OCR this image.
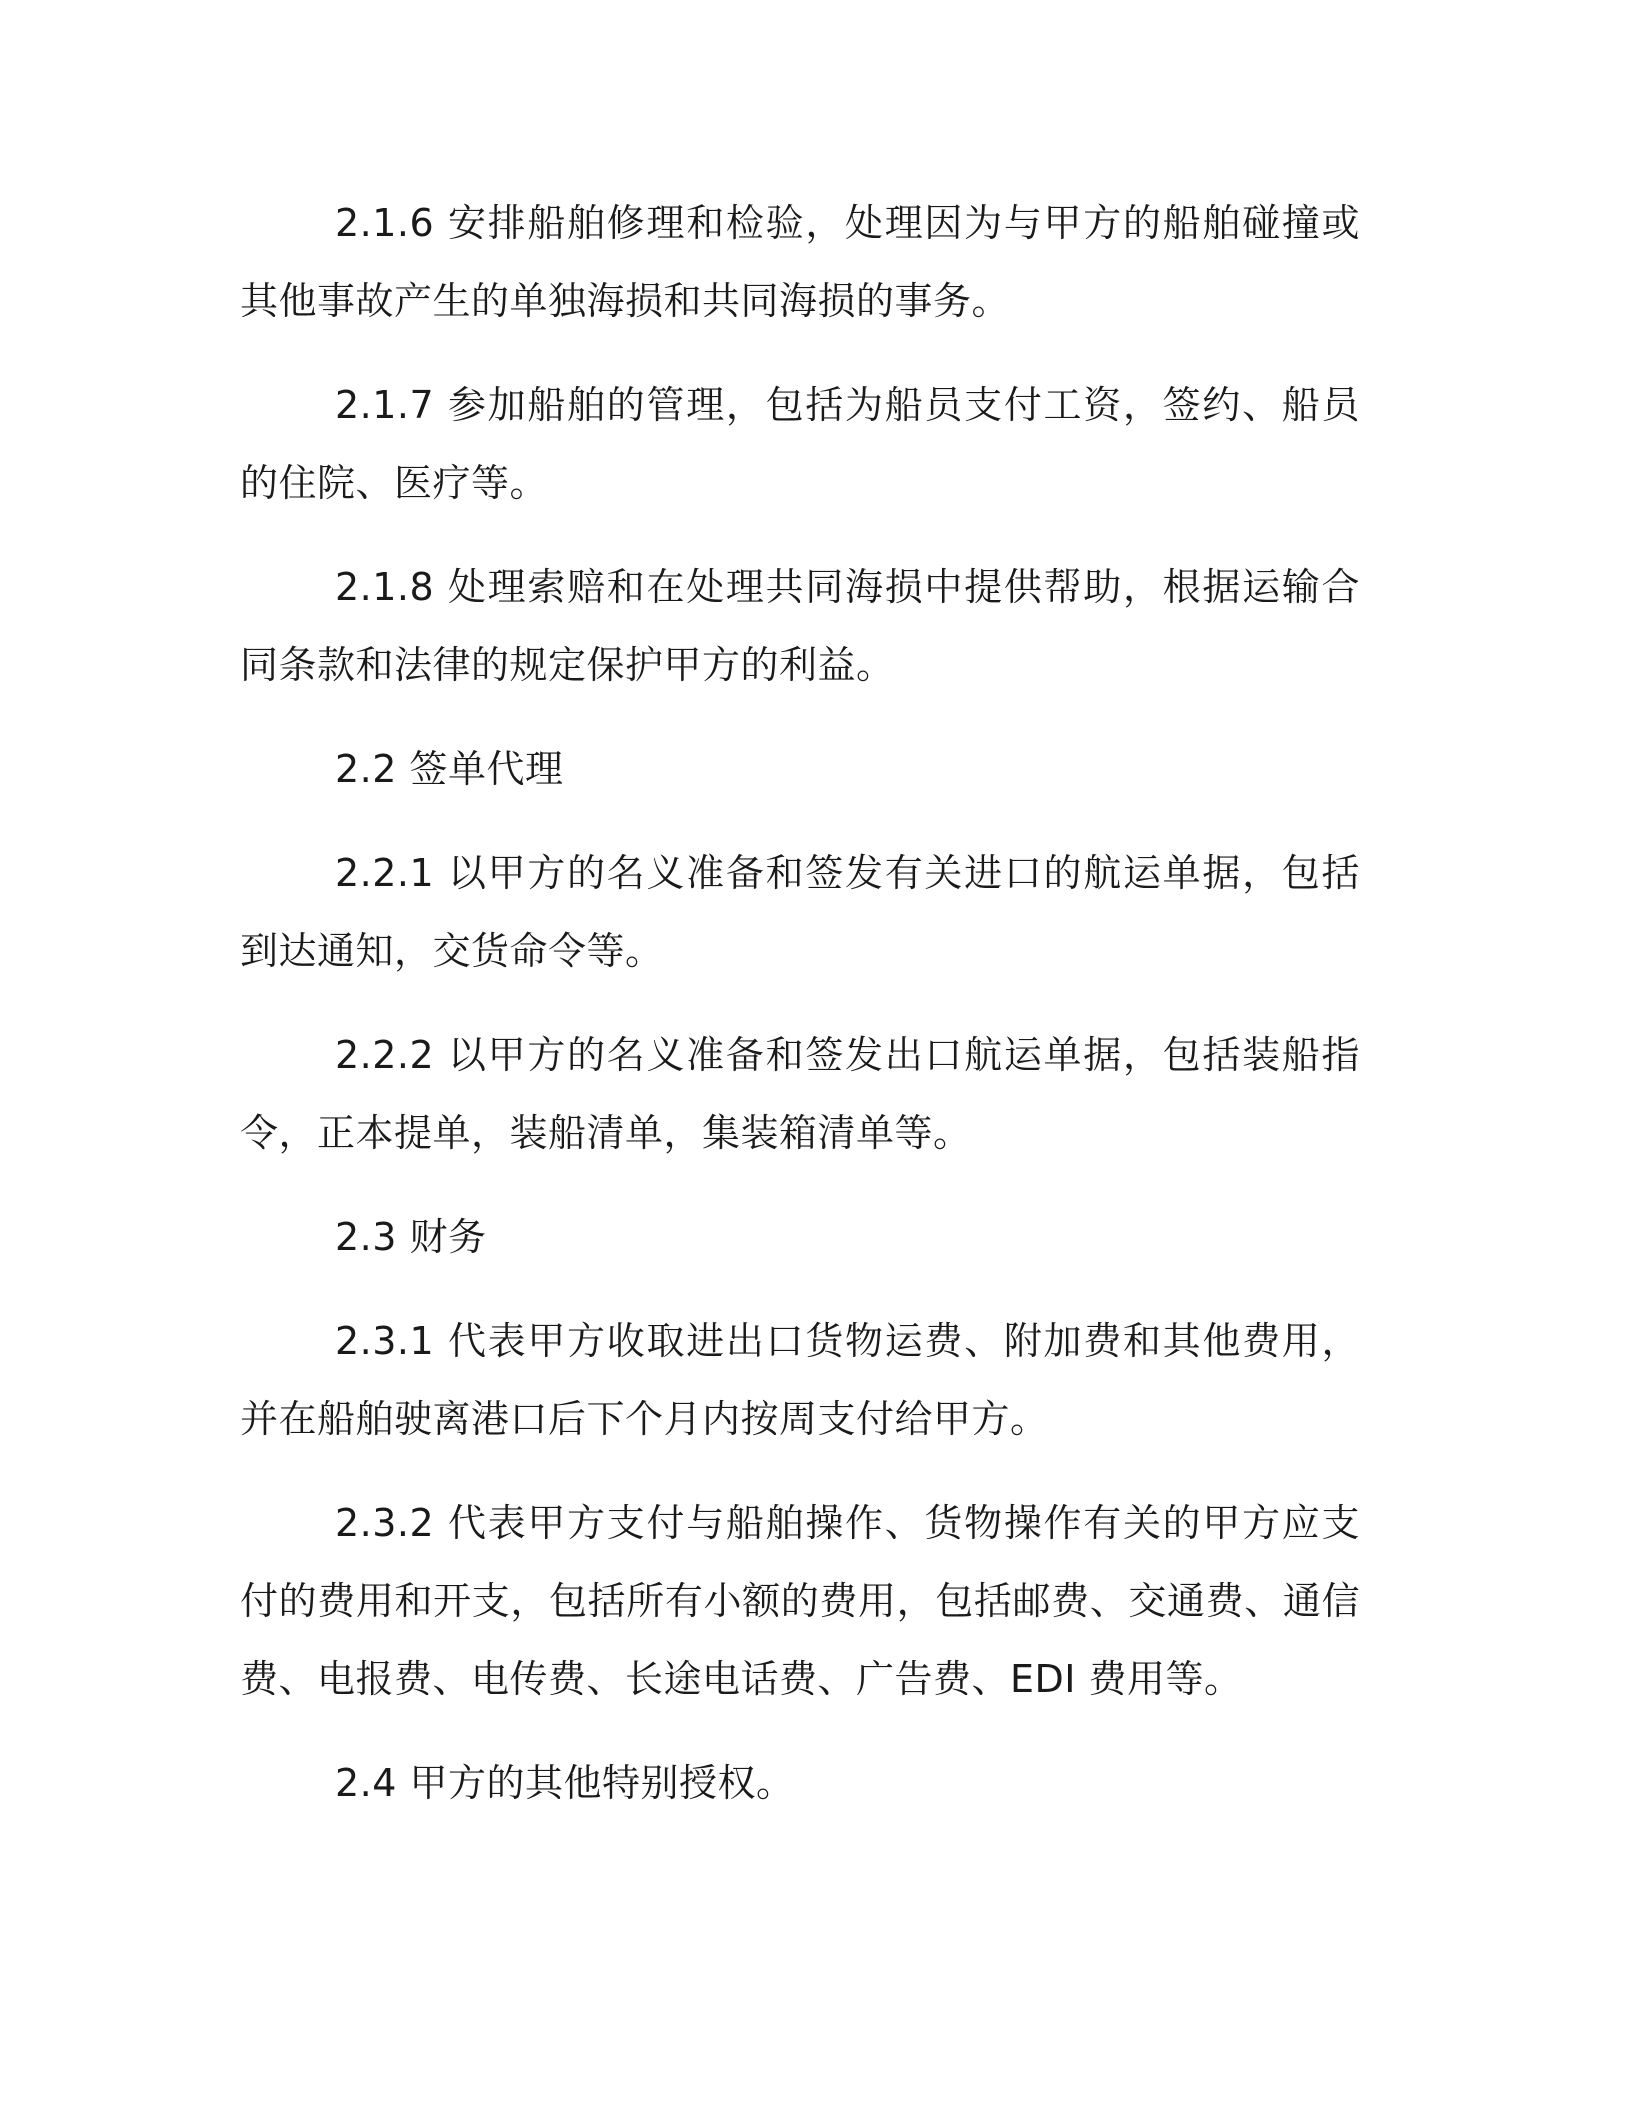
2.1.6 安排船舶修理和检验，处理因为与甲方的船舶碰撞或其他事故产生的单独海损和共同海损的事务。

2.1.7 参加船舶的管理，包括为船员支付工资，签约、船员的住院、医疗等。

2.1.8 处理索赔和在处理共同海损中提供帮助，根据运输合同条款和法律的规定保护甲方的利益。

2.2 签单代理

2.2.1 以甲方的名义准备和签发有关进口的航运单据，包括到达通知，交货命令等。

2.2.2 以甲方的名义准备和签发出口航运单据，包括装船指令，正本提单，装船清单，集装箱清单等。

2.3 财务

2.3.1 代表甲方收取进出口货物运费、附加费和其他费用，并在船舶驶离港口后下个月内按周支付给甲方。

2.3.2 代表甲方支付与船舶操作、货物操作有关的甲方应支付的费用和开支，包括所有小额的费用，包括邮费、交通费、通信费、电报费、电传费、长途电话费、广告费、EDI 费用等。

2.4 甲方的其他特别授权。
